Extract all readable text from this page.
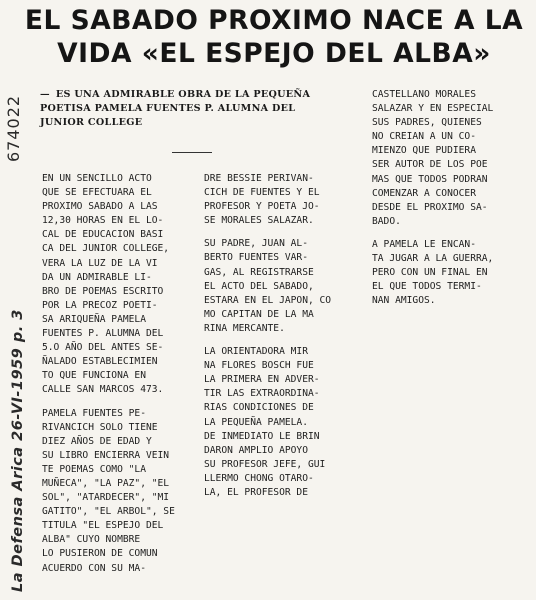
EL SABADO PROXIMO NACE A LA
VIDA «EL ESPEJO DEL ALBA»
674022
La Defensa Arica 26-VI-1959 p. 3
— ES UNA ADMIRABLE OBRA DE LA PEQUEÑA
POETISA PAMELA FUENTES P. ALUMNA DEL
JUNIOR COLLEGE

EN UN SENCILLO ACTO
QUE SE EFECTUARA EL
PROXIMO SABADO A LAS
12,30 HORAS EN EL LO-
CAL DE EDUCACION BASI
CA DEL JUNIOR COLLEGE,
VERA LA LUZ DE LA VI
DA UN ADMIRABLE LI-
BRO DE POEMAS ESCRITO
POR LA PRECOZ POETI-
SA ARIQUEÑA PAMELA
FUENTES P. ALUMNA DEL
5.O AÑO DEL ANTES SE-
ÑALADO ESTABLECIMIEN
TO QUE FUNCIONA EN
CALLE SAN MARCOS 473.

PAMELA FUENTES PE-
RIVANCICH SOLO TIENE
DIEZ AÑOS DE EDAD Y
SU LIBRO ENCIERRA VEIN
TE POEMAS COMO "LA
MUÑECA", "LA PAZ", "EL
SOL", "ATARDECER", "MI
GATITO", "EL ARBOL", SE
TITULA "EL ESPEJO DEL
ALBA" CUYO NOMBRE
LO PUSIERON DE COMUN
ACUERDO CON SU MA-

DRE BESSIE PERIVAN-
CICH DE FUENTES Y EL
PROFESOR Y POETA JO-
SE MORALES SALAZAR.

SU PADRE, JUAN AL-
BERTO FUENTES VAR-
GAS, AL REGISTRARSE
EL ACTO DEL SABADO,
ESTARA EN EL JAPON, CO
MO CAPITAN DE LA MA
RINA MERCANTE.

LA ORIENTADORA MIR
NA FLORES BOSCH FUE
LA PRIMERA EN ADVER-
TIR LAS EXTRAORDINA-
RIAS CONDICIONES DE
LA PEQUEÑA PAMELA.
DE INMEDIATO LE BRIN
DARON AMPLIO APOYO
SU PROFESOR JEFE, GUI
LLERMO CHONG OTARO-
LA, EL PROFESOR DE

CASTELLANO MORALES
SALAZAR Y EN ESPECIAL
SUS PADRES, QUIENES
NO CREIAN A UN CO-
MIENZO QUE PUDIERA
SER AUTOR DE LOS POE
MAS QUE TODOS PODRAN
COMENZAR A CONOCER
DESDE EL PROXIMO SA-
BADO.

A PAMELA LE ENCAN-
TA JUGAR A LA GUERRA,
PERO CON UN FINAL EN
EL QUE TODOS TERMI-
NAN AMIGOS.
